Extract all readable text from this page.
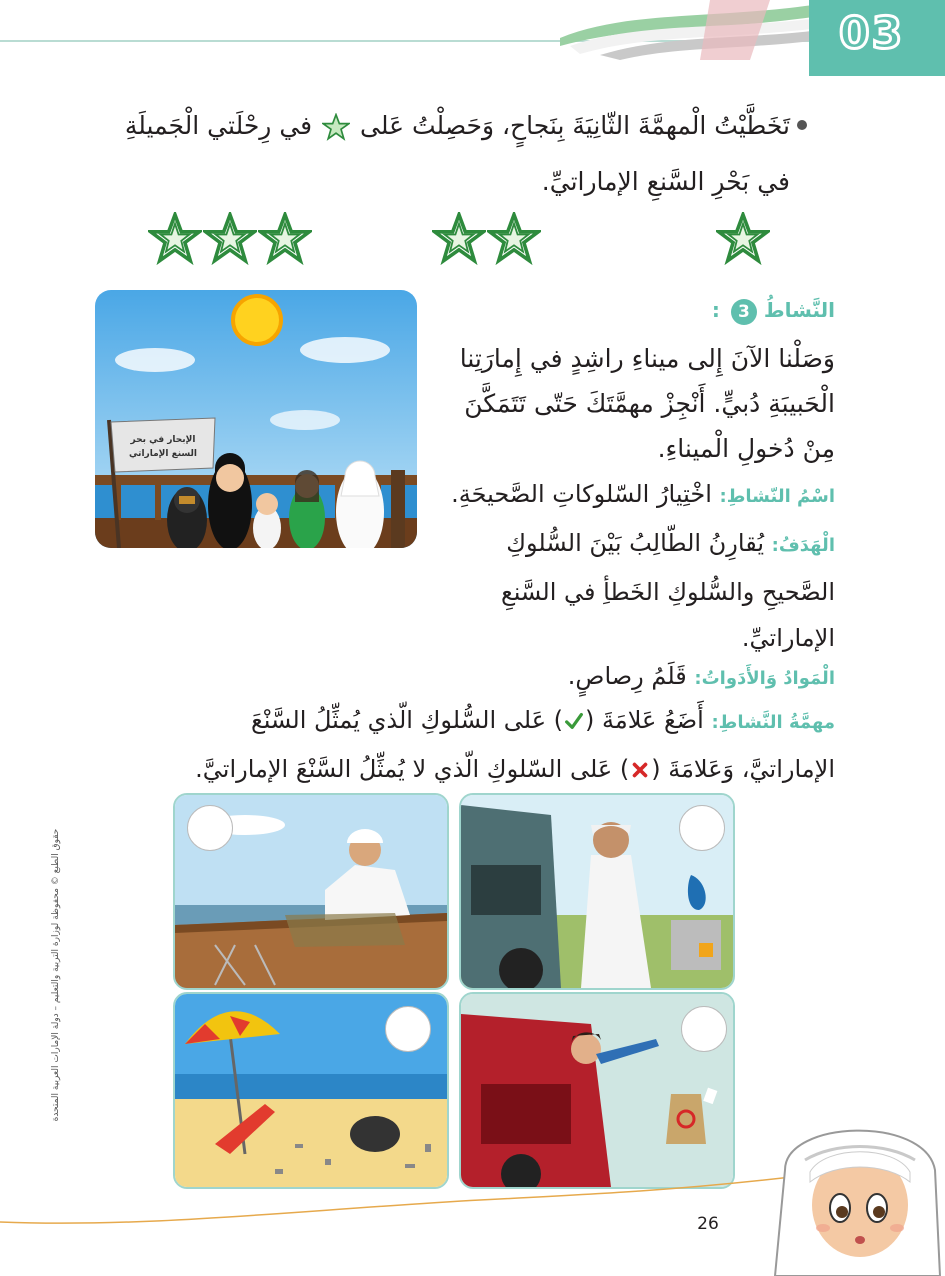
03
تَخَطَّيْتُ الْمهمَّةَ الثّانِيَةَ بِنَجاحٍ، وَحَصِلْتُ عَلى  في رِحْلَتي الْجَميلَةِ
في بَحْرِ السَّنعِ الإماراتيِّ.
الإبحار في بحر
السنع الإماراتي
النَّشاطُ 3 :
وَصَلْنا الآنَ إِلى ميناءِ راشِدٍ في إِمارَتِنا
الْحَبيبَةِ دُبيٍّ. أَنْجِزْ مهمَّتَكَ حَتّى تَتَمَكَّنَ
مِنْ دُخولِ الْميناءِ.
اسْمُ النّشاطِ: اخْتِيارُ السّلوكاتِ الصَّحيحَةِ.
الْهَدَفُ: يُقارِنُ الطّالِبُ بَيْنَ السُّلوكِ
الصَّحيحِ والسُّلوكِ الخَطأِ في السَّنعِ
الإماراتيِّ.
الْمَوادُ وَالأَدَواتُ: قَلَمُ رِصاصٍ.
مهمَّةُ النَّشاطِ: أَضَعُ عَلامَةَ () عَلى السُّلوكِ الّذي يُمثِّلُ السَّنْعَ
الإماراتيَّ، وَعَلامَةَ () عَلى السّلوكِ الّذي لا يُمثِّلُ السَّنْعَ الإماراتيَّ.
حقوق الطبع © محفوظة لوزارة التربية والتعليم – دولة الإمارات العربية المتحدة
26
